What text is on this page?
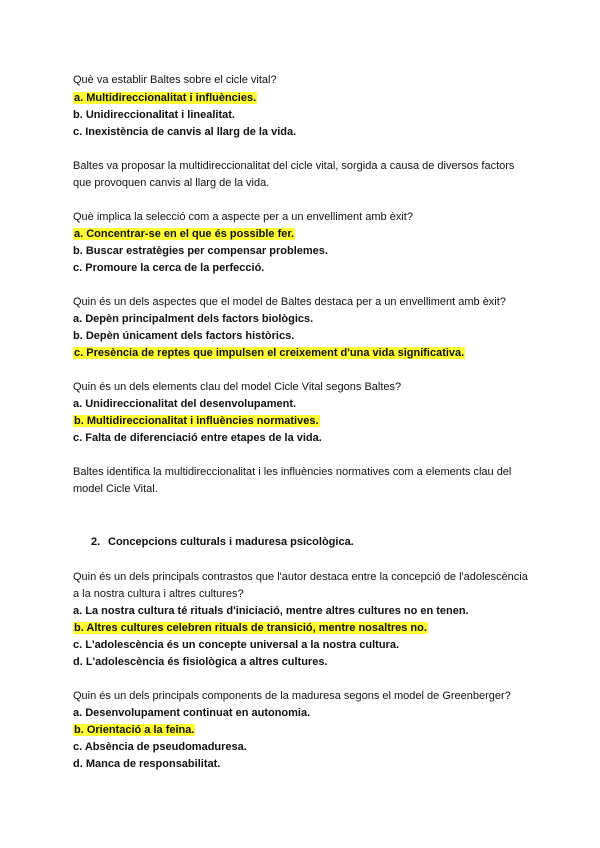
Què va establir Baltes sobre el cicle vital?
a. Multidireccionalitat i influències.
b. Unidireccionalitat i linealitat.
c. Inexistència de canvis al llarg de la vida.
Baltes va proposar la multidireccionalitat del cicle vital, sorgida a causa de diversos factors
que provoquen canvis al llarg de la vida.
Què implica la selecció com a aspecte per a un envelliment amb èxit?
a. Concentrar-se en el que és possible fer.
b. Buscar estratègies per compensar problemes.
c. Promoure la cerca de la perfecció.
Quin és un dels aspectes que el model de Baltes destaca per a un envelliment amb èxit?
a. Depèn principalment dels factors biològics.
b. Depèn únicament dels factors històrics.
c. Presència de reptes que impulsen el creixement d'una vida significativa.
Quin és un dels elements clau del model Cicle Vital segons Baltes?
a. Unidireccionalitat del desenvolupament.
b. Multidireccionalitat i influències normatives.
c. Falta de diferenciació entre etapes de la vida.
Baltes identifica la multidireccionalitat i les influències normatives com a elements clau del
model Cicle Vital.
2. Concepcions culturals i maduresa psicològica.
Quin és un dels principals contrastos que l'autor destaca entre la concepció de l'adolescència
a la nostra cultura i altres cultures?
a. La nostra cultura té rituals d'iniciació, mentre altres cultures no en tenen.
b. Altres cultures celebren rituals de transició, mentre nosaltres no.
c. L'adolescència és un concepte universal a la nostra cultura.
d. L'adolescència és fisiològica a altres cultures.
Quin és un dels principals components de la maduresa segons el model de Greenberger?
a. Desenvolupament continuat en autonomia.
b. Orientació a la feina.
c. Absència de pseudomaduresa.
d. Manca de responsabilitat.
